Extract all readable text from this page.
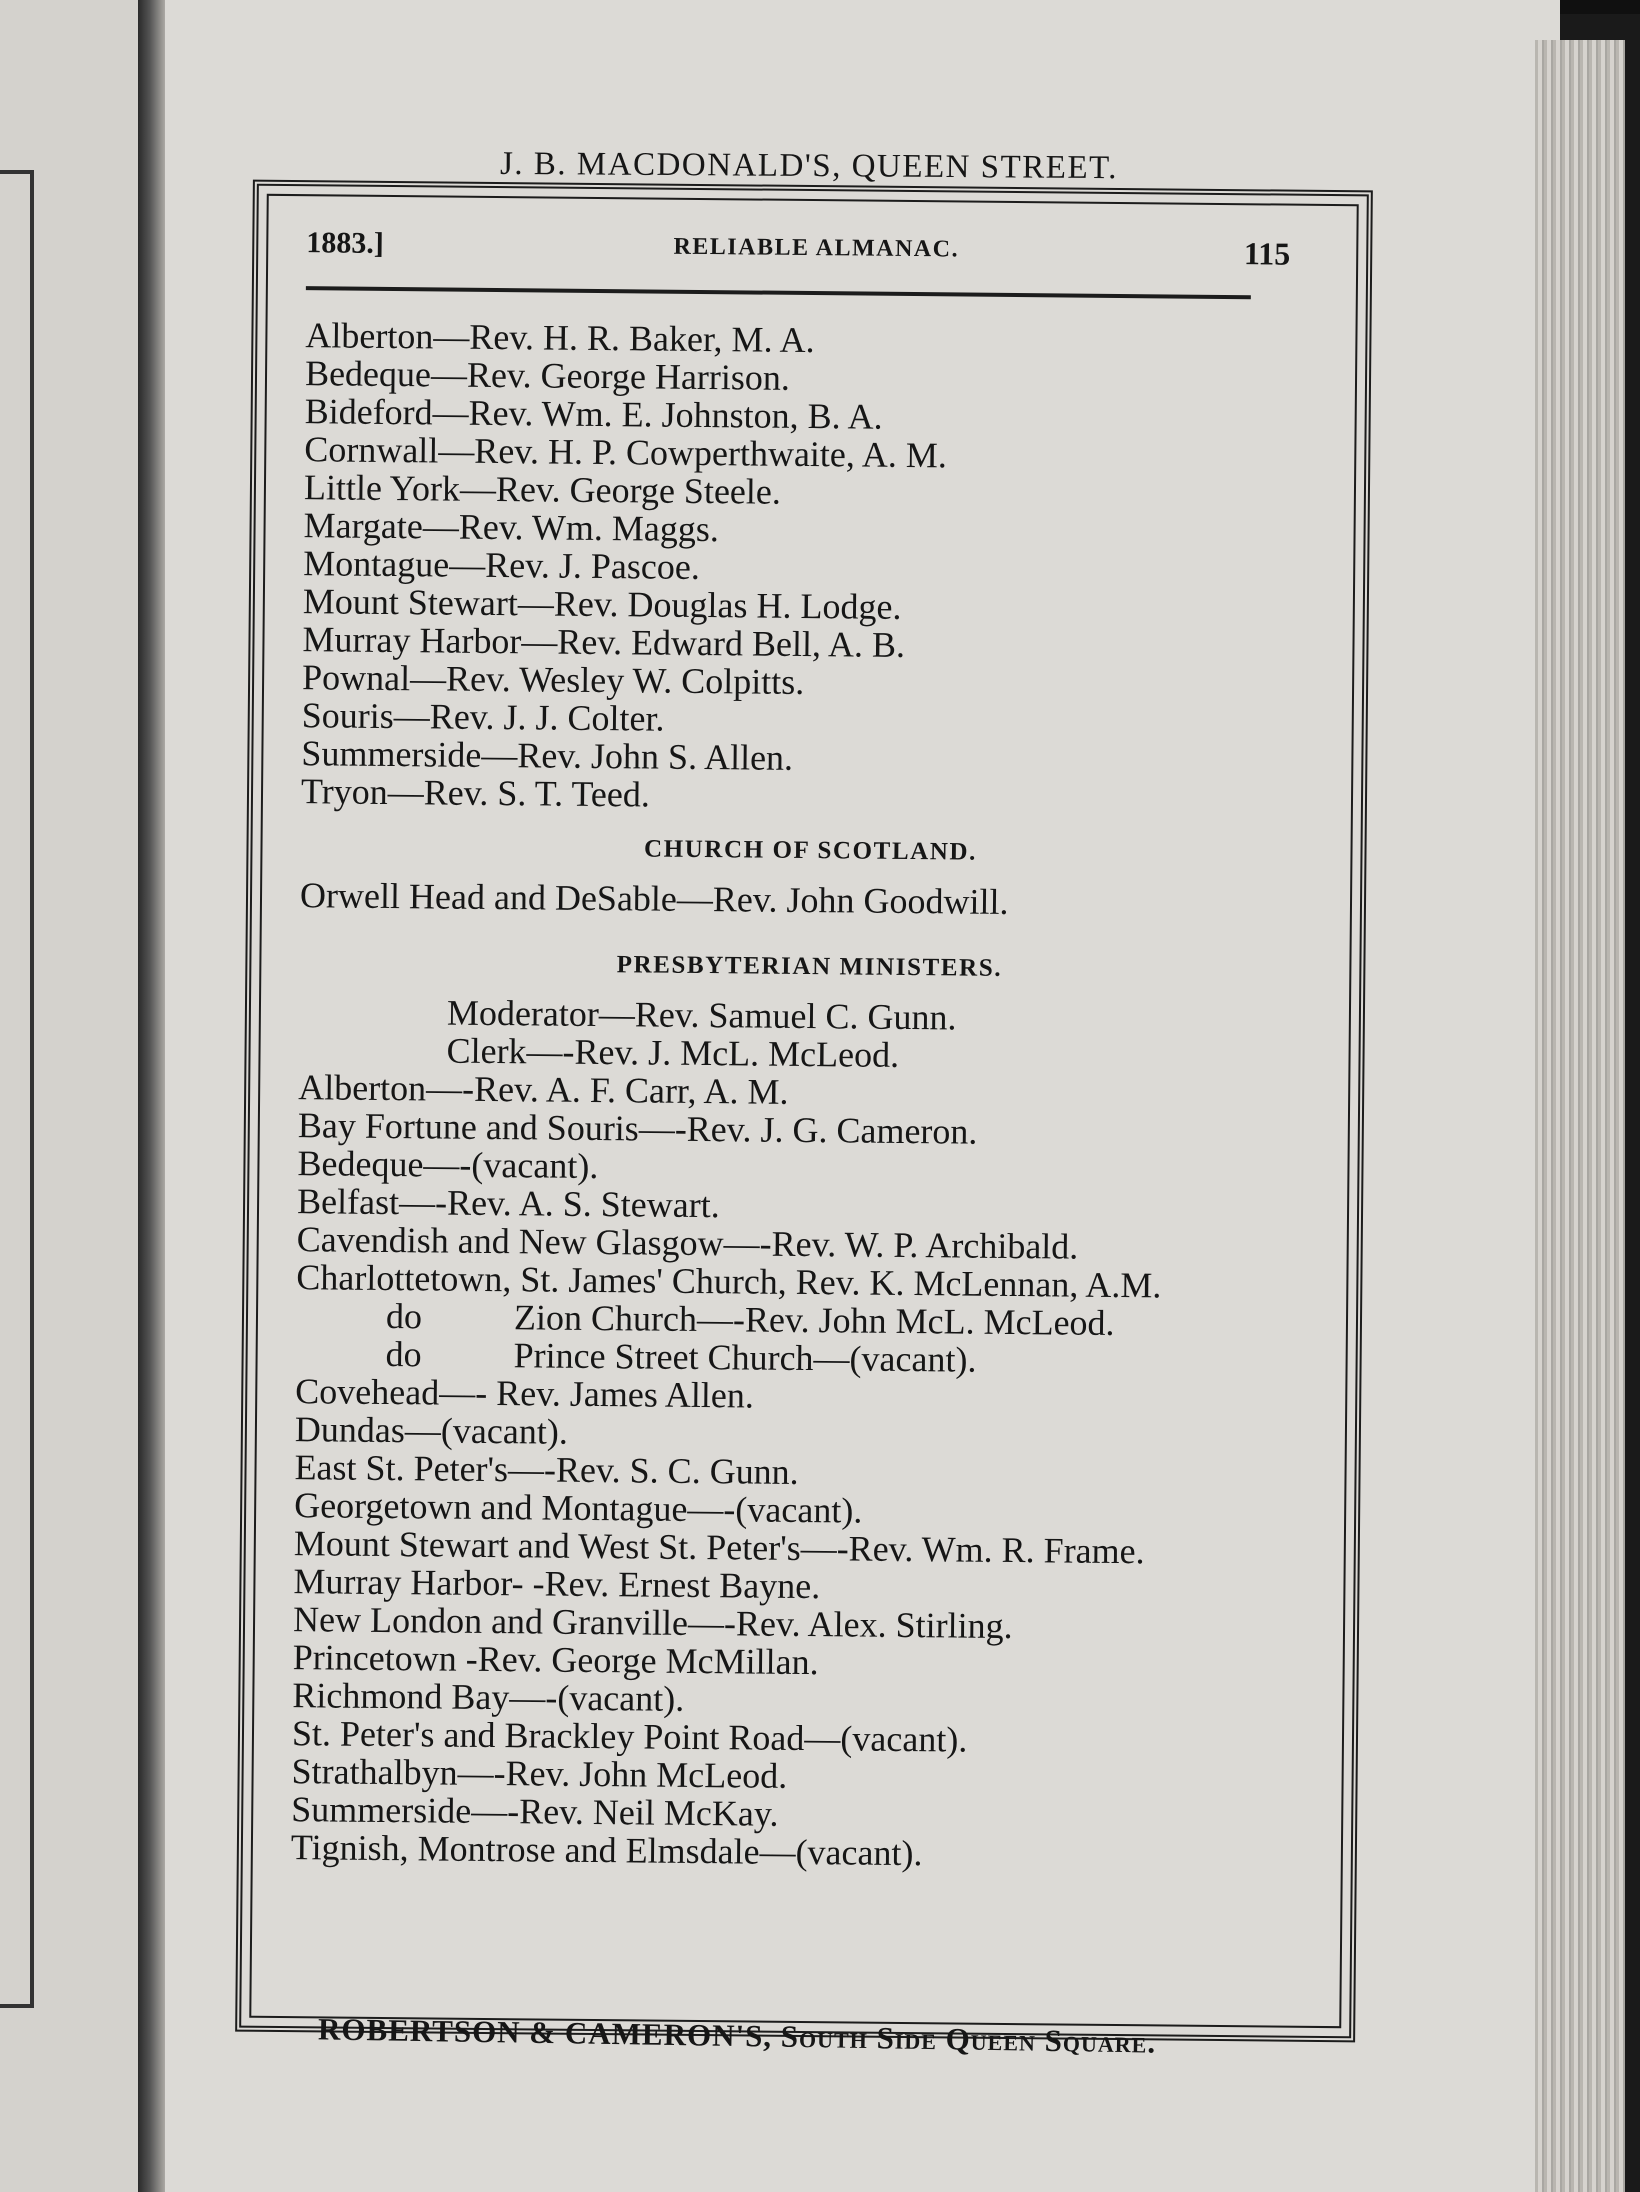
J. B. MACDONALD'S, QUEEN STREET.
1883.]	RELIABLE ALMANAC.	115
Alberton—Rev. H. R. Baker, M. A.
Bedeque—Rev. George Harrison.
Bideford—Rev. Wm. E. Johnston, B. A.
Cornwall—Rev. H. P. Cowperthwaite, A. M.
Little York—Rev. George Steele.
Margate—Rev. Wm. Maggs.
Montague—Rev. J. Pascoe.
Mount Stewart—Rev. Douglas H. Lodge.
Murray Harbor—Rev. Edward Bell, A. B.
Pownal—Rev. Wesley W. Colpitts.
Souris—Rev. J. J. Colter.
Summerside—Rev. John S. Allen.
Tryon—Rev. S. T. Teed.
CHURCH OF SCOTLAND.
Orwell Head and DeSable—Rev. John Goodwill.
PRESBYTERIAN MINISTERS.
Moderator—Rev. Samuel C. Gunn.
Clerk—-Rev. J. McL. McLeod.
Alberton—-Rev. A. F. Carr, A. M.
Bay Fortune and Souris—-Rev. J. G. Cameron.
Bedeque—-(vacant).
Belfast—-Rev. A. S. Stewart.
Cavendish and New Glasgow—-Rev. W. P. Archibald.
Charlottetown, St. James' Church, Rev. K. McLennan, A.M.
do	Zion Church—-Rev. John McL. McLeod.
do	Prince Street Church—(vacant).
Covehead—- Rev. James Allen.
Dundas—(vacant).
East St. Peter's—-Rev. S. C. Gunn.
Georgetown and Montague—-(vacant).
Mount Stewart and West St. Peter's—-Rev. Wm. R. Frame.
Murray Harbor- -Rev. Ernest Bayne.
New London and Granville—-Rev. Alex. Stirling.
Princetown -Rev. George McMillan.
Richmond Bay—-(vacant).
St. Peter's and Brackley Point Road—(vacant).
Strathalbyn—-Rev. John McLeod.
Summerside—-Rev. Neil McKay.
Tignish, Montrose and Elmsdale—(vacant).
ROBERTSON & CAMERON'S, South Side Queen Square.
